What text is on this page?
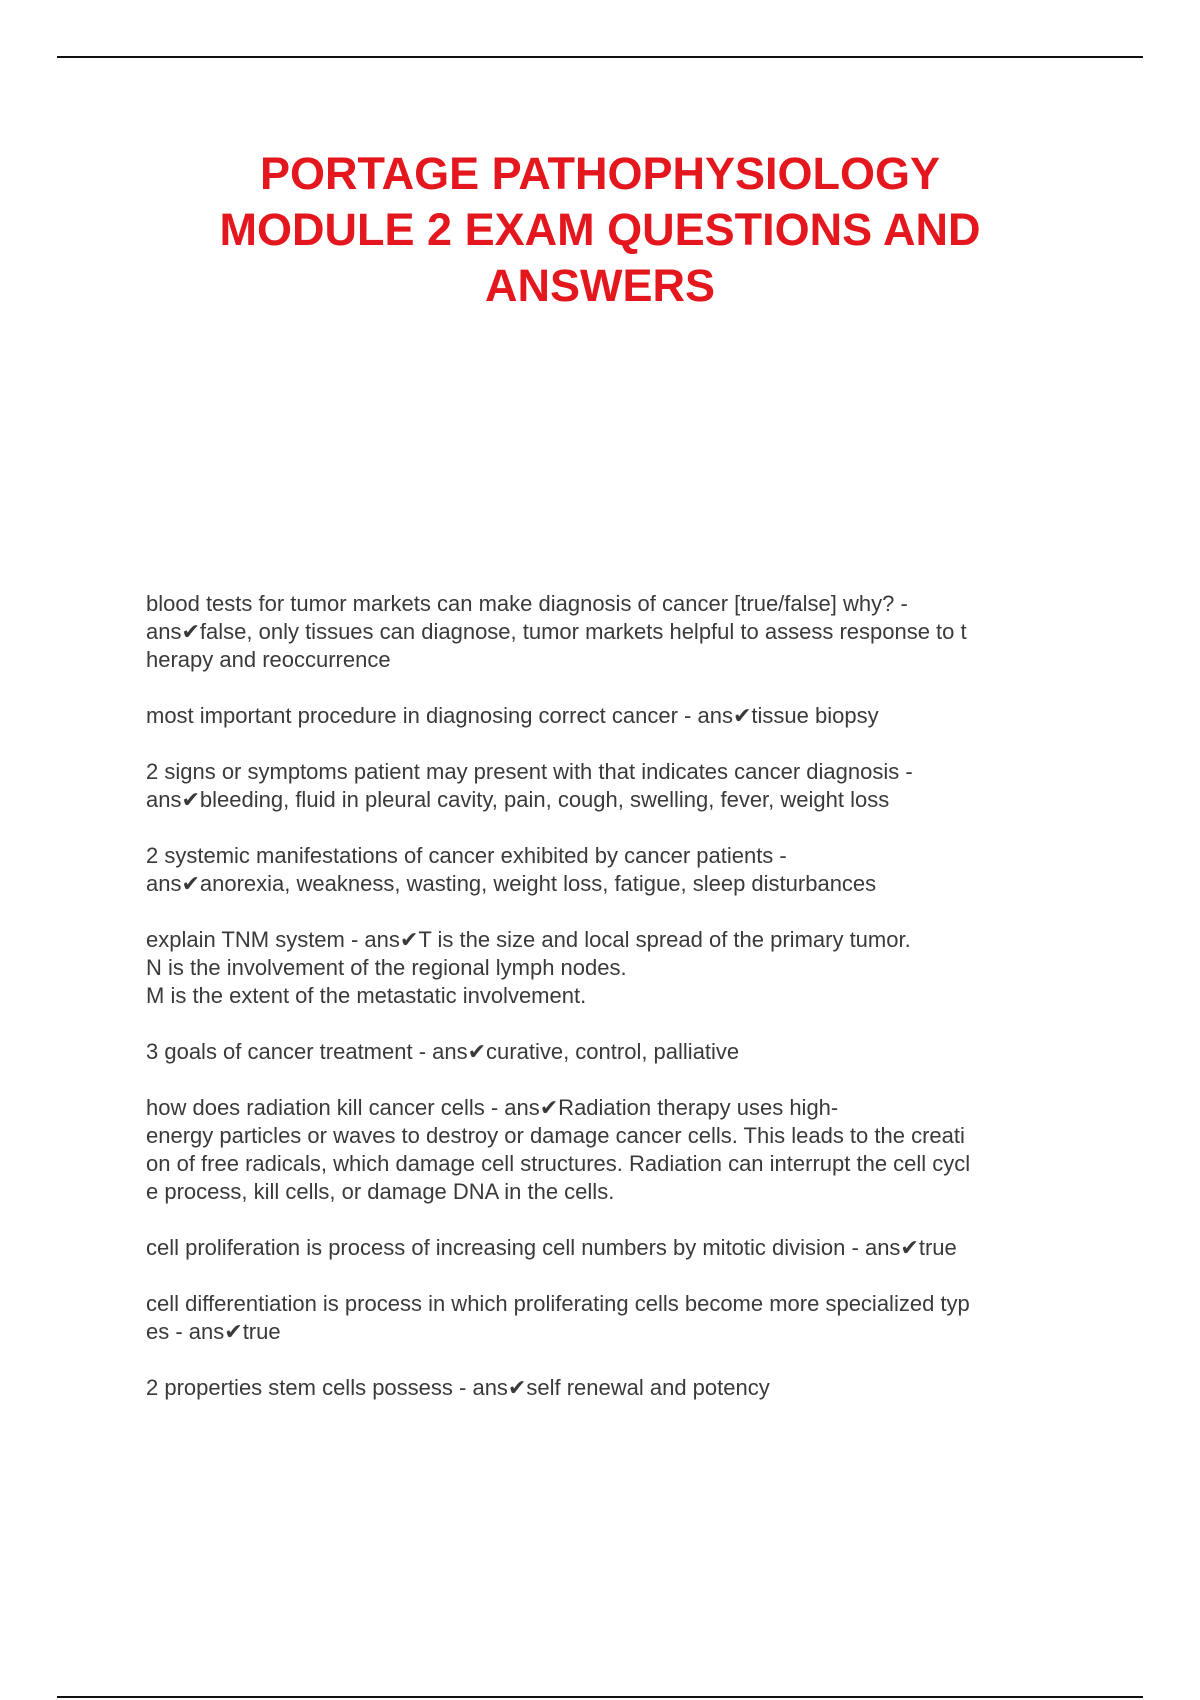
PORTAGE PATHOPHYSIOLOGY
MODULE 2 EXAM QUESTIONS AND
ANSWERS
blood tests for tumor markets can make diagnosis of cancer [true/false] why? -
ans✔false, only tissues can diagnose, tumor markets helpful to assess response to t
herapy and reoccurrence
most important procedure in diagnosing correct cancer - ans✔tissue biopsy
2 signs or symptoms patient may present with that indicates cancer diagnosis -
ans✔bleeding, fluid in pleural cavity, pain, cough, swelling, fever, weight loss
2 systemic manifestations of cancer exhibited by cancer patients -
ans✔anorexia, weakness, wasting, weight loss, fatigue, sleep disturbances
explain TNM system - ans✔T is the size and local spread of the primary tumor.
N is the involvement of the regional lymph nodes.
M is the extent of the metastatic involvement.
3 goals of cancer treatment - ans✔curative, control, palliative
how does radiation kill cancer cells - ans✔Radiation therapy uses high-
energy particles or waves to destroy or damage cancer cells. This leads to the creati
on of free radicals, which damage cell structures. Radiation can interrupt the cell cycl
e process, kill cells, or damage DNA in the cells.
cell proliferation is process of increasing cell numbers by mitotic division - ans✔true
cell differentiation is process in which proliferating cells become more specialized typ
es - ans✔true
2 properties stem cells possess - ans✔self renewal and potency
